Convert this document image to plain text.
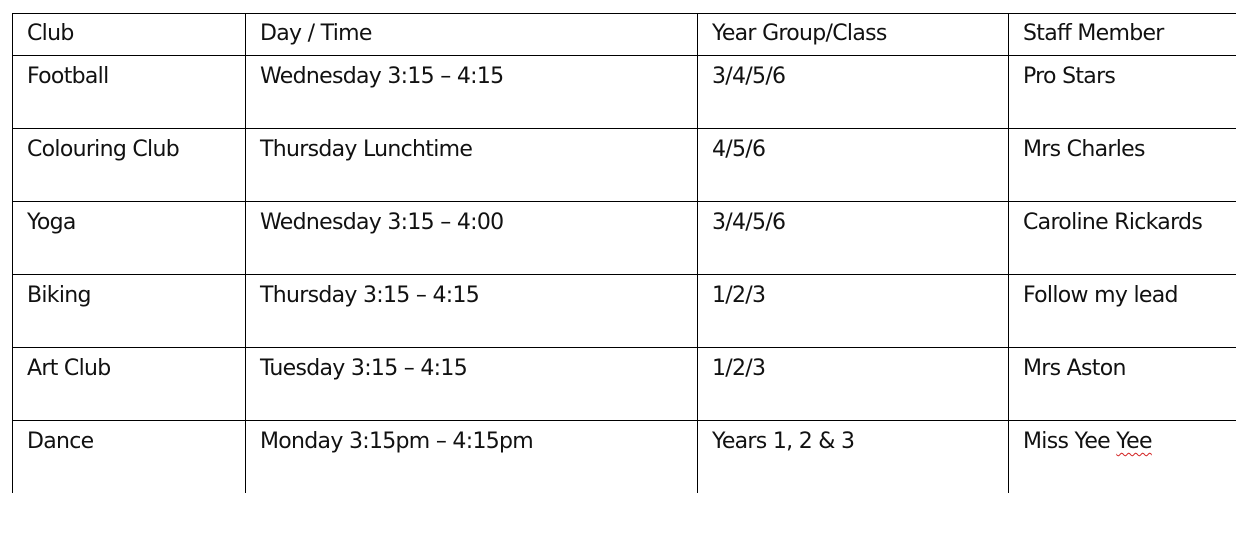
Club	Day / Time	Year Group/Class	Staff Member
Football	Wednesday 3:15 – 4:15	3/4/5/6	Pro Stars
Colouring Club	Thursday Lunchtime	4/5/6	Mrs Charles
Yoga	Wednesday 3:15 – 4:00	3/4/5/6	Caroline Rickards
Biking	Thursday 3:15 – 4:15	1/2/3	Follow my lead
Art Club	Tuesday 3:15 – 4:15	1/2/3	Mrs Aston
Dance	Monday 3:15pm – 4:15pm	Years 1, 2 & 3	Miss Yee Yee
